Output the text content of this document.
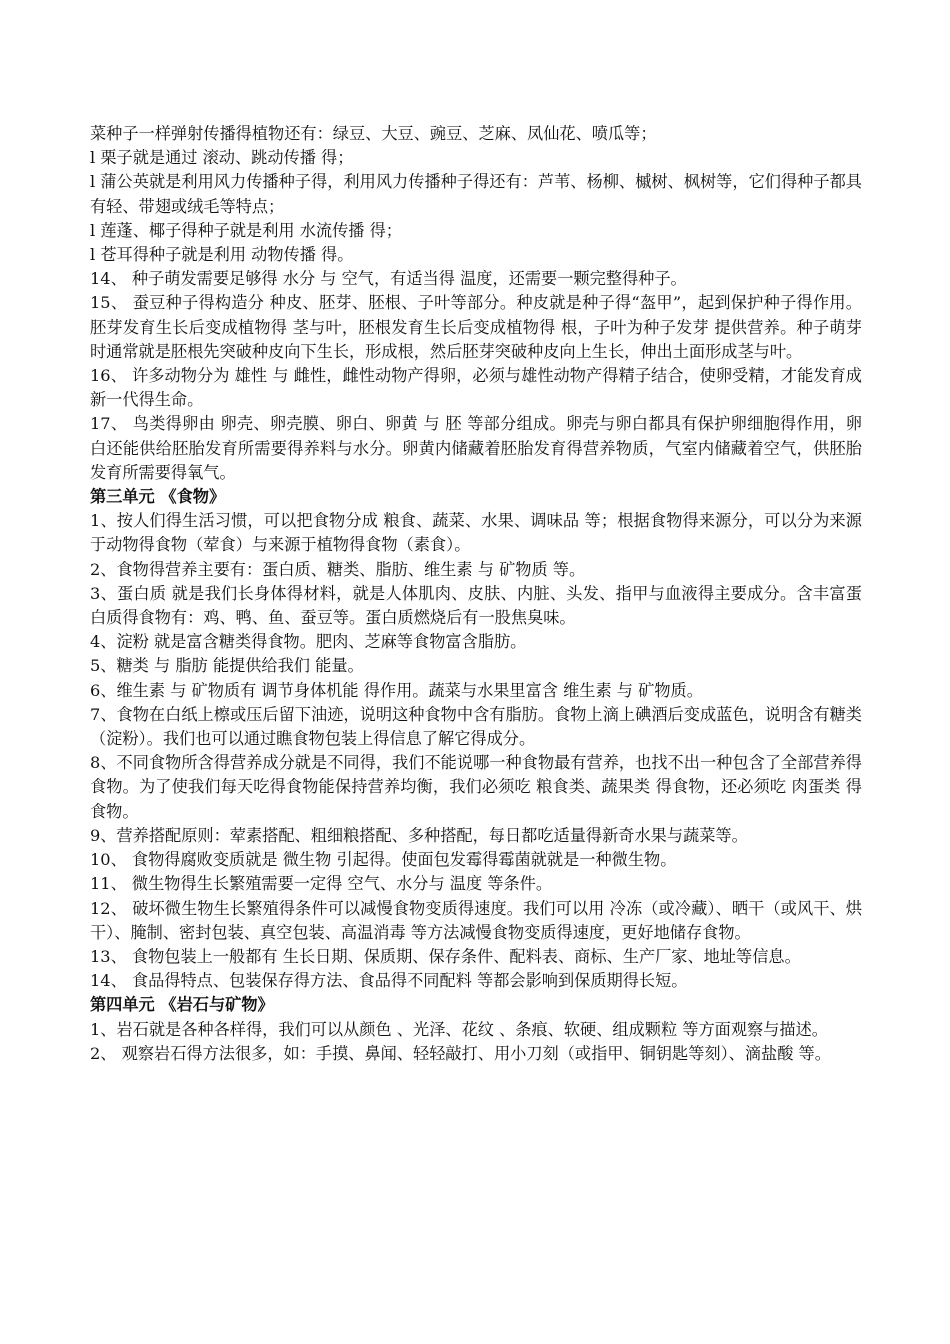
菜种子一样弹射传播得植物还有：绿豆、大豆、豌豆、芝麻、凤仙花、喷瓜等；

l 栗子就是通过 滚动、跳动传播 得；

l 蒲公英就是利用风力传播种子得，利用风力传播种子得还有：芦苇、杨柳、槭树、枫树等，它们得种子都具有轻、带翅或绒毛等特点；

l 莲蓬、椰子得种子就是利用 水流传播 得；

l 苍耳得种子就是利用 动物传播 得。

14、 种子萌发需要足够得 水分 与 空气，有适当得 温度，还需要一颗完整得种子。

15、 蚕豆种子得构造分 种皮、胚芽、胚根、子叶等部分。种皮就是种子得“盔甲”，起到保护种子得作用。胚芽发育生长后变成植物得 茎与叶，胚根发育生长后变成植物得 根，子叶为种子发芽 提供营养。种子萌芽时通常就是胚根先突破种皮向下生长，形成根，然后胚芽突破种皮向上生长，伸出土面形成茎与叶。

16、 许多动物分为 雄性 与 雌性，雌性动物产得卵，必须与雄性动物产得精子结合，使卵受精，才能发育成新一代得生命。

17、 鸟类得卵由 卵壳、卵壳膜、卵白、卵黄 与 胚 等部分组成。卵壳与卵白都具有保护卵细胞得作用，卵白还能供给胚胎发育所需要得养料与水分。卵黄内储藏着胚胎发育得营养物质，气室内储藏着空气，供胚胎发育所需要得氧气。

第三单元 《食物》

1、按人们得生活习惯，可以把食物分成 粮食、蔬菜、水果、调味品 等；根据食物得来源分，可以分为来源于动物得食物（荤食）与来源于植物得食物（素食）。

2、食物得营养主要有：蛋白质、糖类、脂肪、维生素 与 矿物质 等。

3、蛋白质 就是我们长身体得材料，就是人体肌肉、皮肤、内脏、头发、指甲与血液得主要成分。含丰富蛋白质得食物有：鸡、鸭、鱼、蚕豆等。蛋白质燃烧后有一股焦臭味。

4、淀粉 就是富含糖类得食物。肥肉、芝麻等食物富含脂肪。

5、糖类 与 脂肪 能提供给我们 能量。

6、维生素 与 矿物质有 调节身体机能 得作用。蔬菜与水果里富含 维生素 与 矿物质。

7、食物在白纸上檫或压后留下油迹，说明这种食物中含有脂肪。食物上滴上碘酒后变成蓝色，说明含有糖类（淀粉）。我们也可以通过瞧食物包装上得信息了解它得成分。

8、不同食物所含得营养成分就是不同得，我们不能说哪一种食物最有营养，也找不出一种包含了全部营养得食物。为了使我们每天吃得食物能保持营养均衡，我们必须吃 粮食类、蔬果类 得食物，还必须吃 肉蛋类 得食物。

9、营养搭配原则：荤素搭配、粗细粮搭配、多种搭配，每日都吃适量得新奇水果与蔬菜等。

10、 食物得腐败变质就是 微生物 引起得。使面包发霉得霉菌就就是一种微生物。

11、 微生物得生长繁殖需要一定得 空气、水分与 温度 等条件。

12、 破坏微生物生长繁殖得条件可以减慢食物变质得速度。我们可以用 冷冻（或冷藏）、晒干（或风干、烘干）、腌制、密封包装、真空包装、高温消毒 等方法减慢食物变质得速度，更好地储存食物。

13、 食物包装上一般都有 生长日期、保质期、保存条件、配料表、商标、生产厂家、地址等信息。

14、 食品得特点、包装保存得方法、食品得不同配料 等都会影响到保质期得长短。

第四单元 《岩石与矿物》

1、岩石就是各种各样得，我们可以从颜色 、光泽、花纹 、条痕、软硬、组成颗粒 等方面观察与描述。

2、 观察岩石得方法很多，如：手摸、鼻闻、轻轻敲打、用小刀刻（或指甲、铜钥匙等刻）、滴盐酸 等。
